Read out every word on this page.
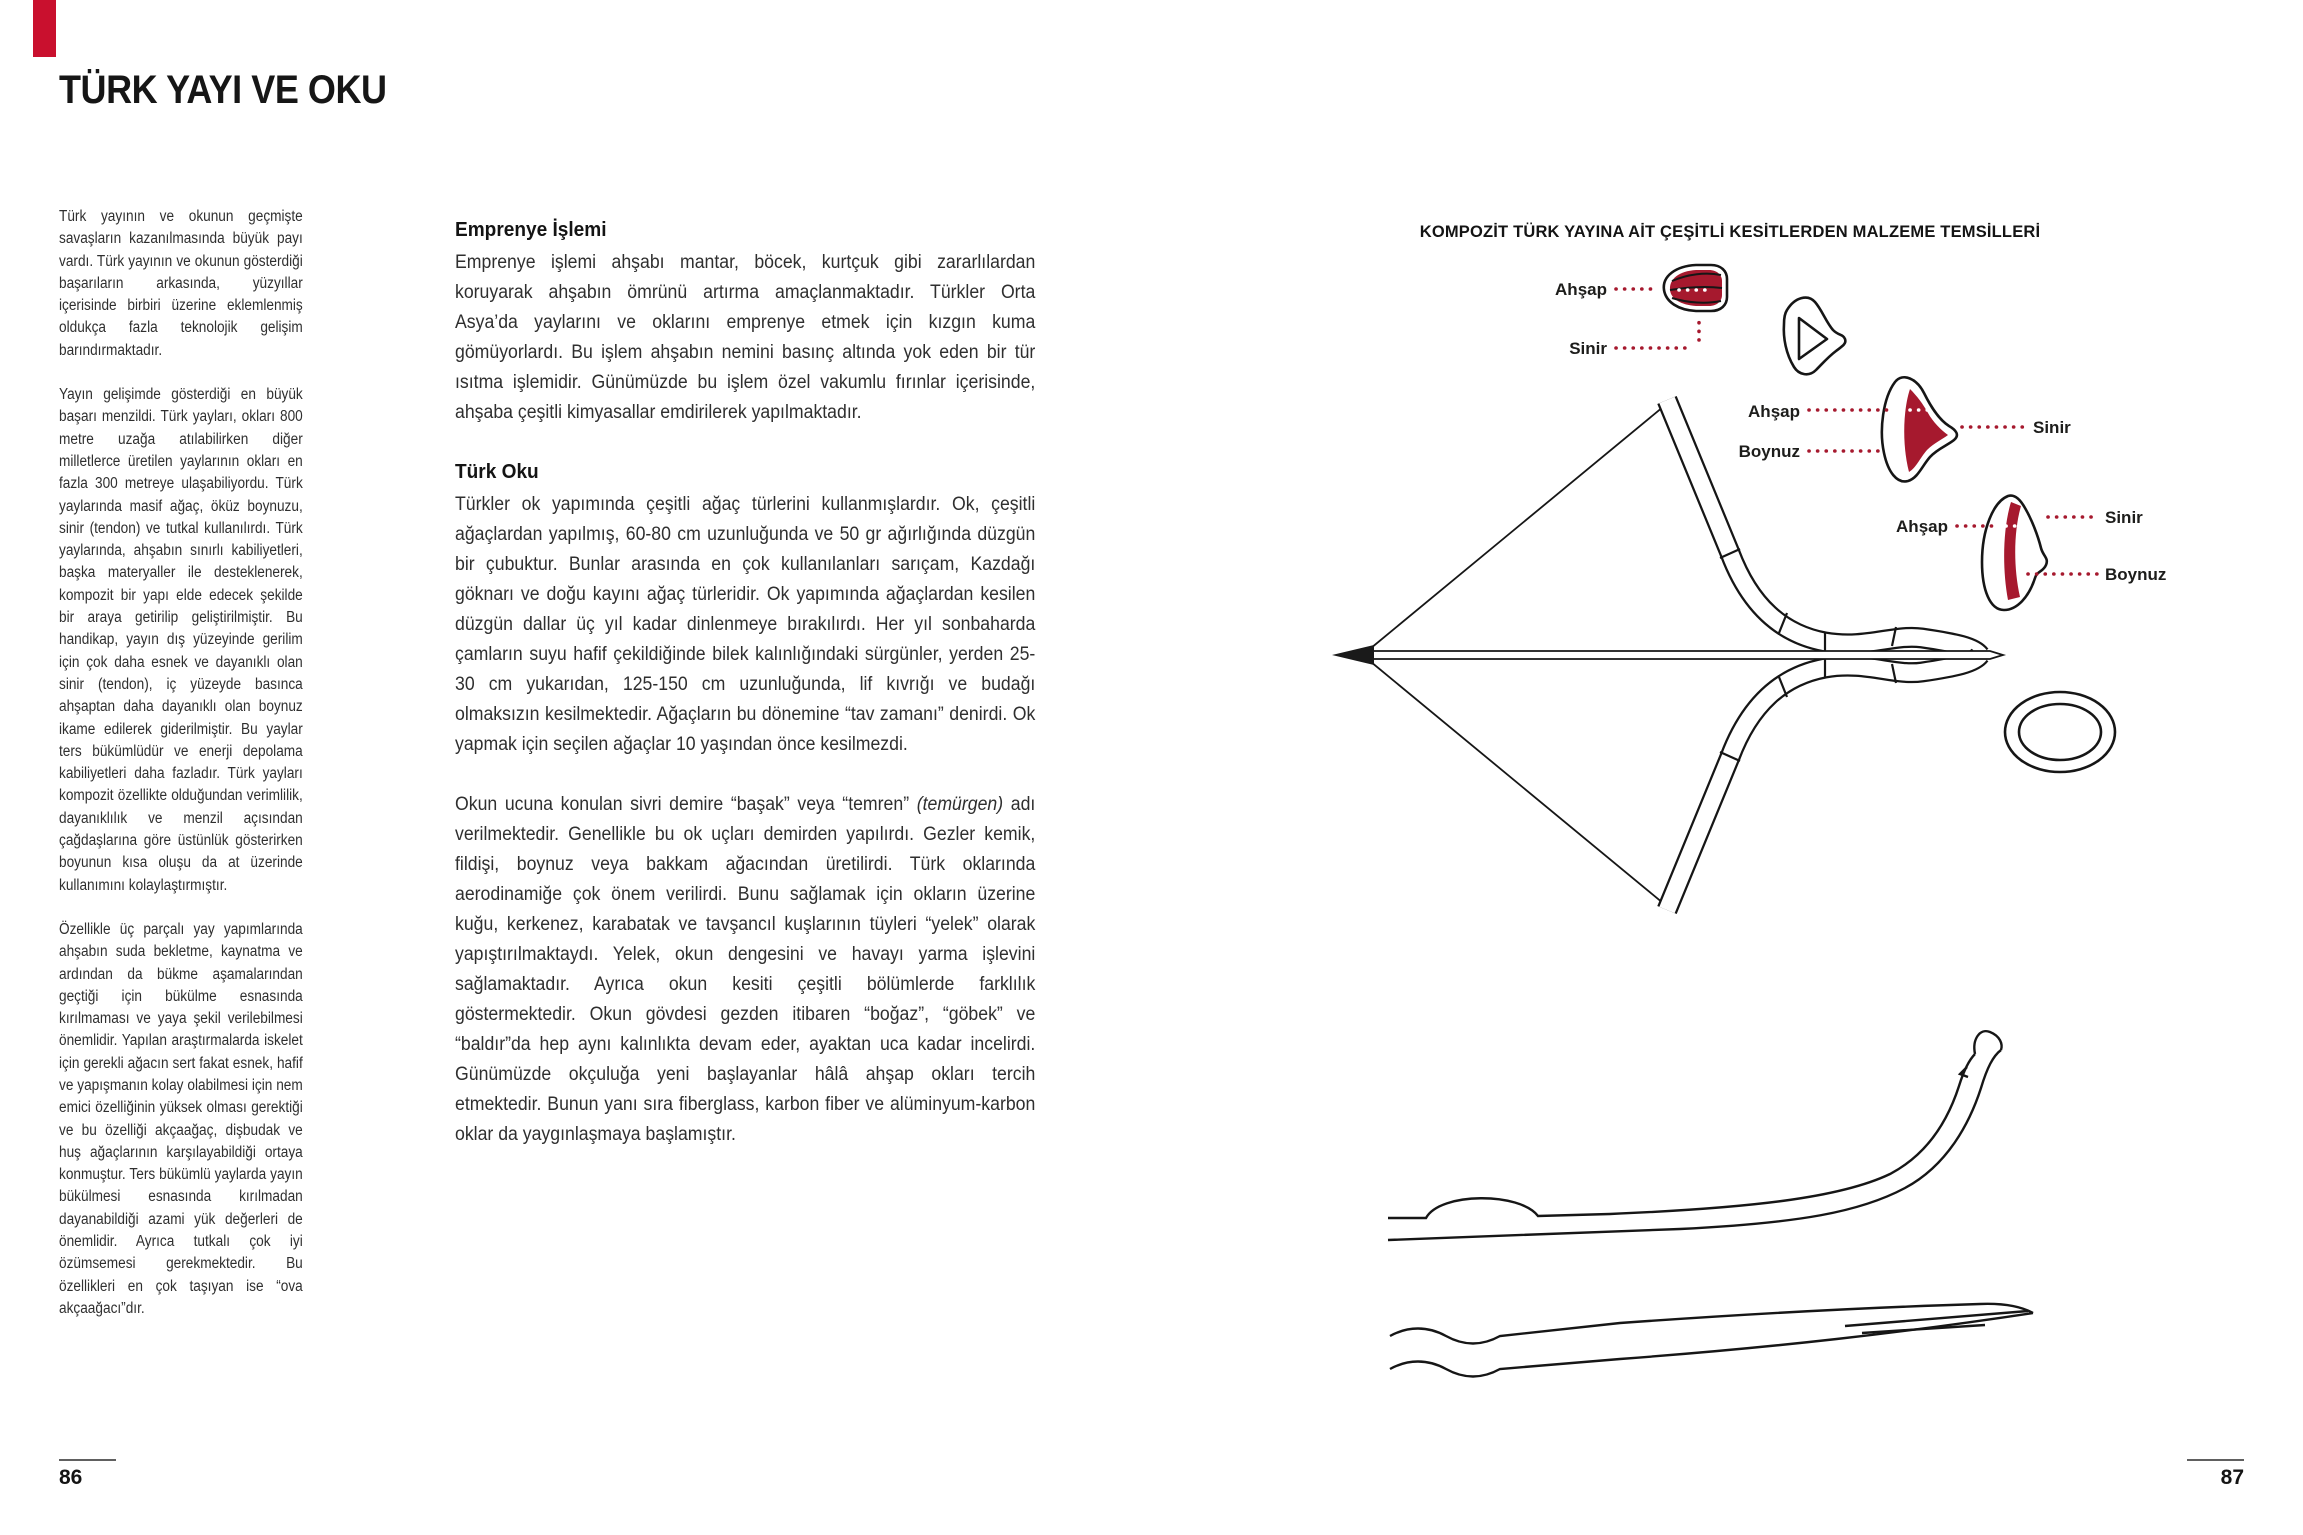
TÜRK YAYI VE OKU

Türk yayının ve okunun geçmişte savaşların kazanılmasında büyük payı vardı. Türk yayının ve okunun gösterdiği başarıların arkasında, yüzyıllar içerisinde birbiri üzerine eklemlenmiş oldukça fazla teknolojik gelişim barındırmaktadır.

Yayın gelişimde gösterdiği en büyük başarı menzildi. Türk yayları, okları 800 metre uzağa atılabilirken diğer milletlerce üretilen yaylarının okları en fazla 300 metreye ulaşabiliyordu. Türk yaylarında masif ağaç, öküz boynuzu, sinir (tendon) ve tutkal kullanılırdı. Türk yaylarında, ahşabın sınırlı kabiliyetleri, başka materyaller ile desteklenerek, kompozit bir yapı elde edecek şekilde bir araya getirilip geliştirilmiştir. Bu handikap, yayın dış yüzeyinde gerilim için çok daha esnek ve dayanıklı olan sinir (tendon), iç yüzeyde basınca ahşaptan daha dayanıklı olan boynuz ikame edilerek giderilmiştir. Bu yaylar ters bükümlüdür ve enerji depolama kabiliyetleri daha fazladır. Türk yayları kompozit özellikte olduğundan verimlilik, dayanıklılık ve menzil açısından çağdaşlarına göre üstünlük gösterirken boyunun kısa oluşu da at üzerinde kullanımını kolaylaştırmıştır.

Özellikle üç parçalı yay yapımlarında ahşabın suda bekletme, kaynatma ve ardından da bükme aşamalarından geçtiği için bükülme esnasında kırılmaması ve yaya şekil verilebilmesi önemlidir. Yapılan araştırmalarda iskelet için gerekli ağacın sert fakat esnek, hafif ve yapışmanın kolay olabilmesi için nem emici özelliğinin yüksek olması gerektiği ve bu özelliği akçaağaç, dişbudak ve huş ağaçlarının karşılayabildiği ortaya konmuştur. Ters bükümlü yaylarda yayın bükülmesi esnasında kırılmadan dayanabildiği azami yük değerleri de önemlidir. Ayrıca tutkalı çok iyi özümsemesi gerekmektedir. Bu özellikleri en çok taşıyan ise “ova akçaağacı”dır.

Emprenye İşlemi

Emprenye işlemi ahşabı mantar, böcek, kurtçuk gibi zararlılardan koruyarak ahşabın ömrünü artırma amaçlanmaktadır. Türkler Orta Asya’da yaylarını ve oklarını emprenye etmek için kızgın kuma gömüyorlardı. Bu işlem ahşabın nemini basınç altında yok eden bir tür ısıtma işlemidir. Günümüzde bu işlem özel vakumlu fırınlar içerisinde, ahşaba çeşitli kimyasallar emdirilerek yapılmaktadır.

Türk Oku

Türkler ok yapımında çeşitli ağaç türlerini kullanmışlardır. Ok, çeşitli ağaçlardan yapılmış, 60-80 cm uzunluğunda ve 50 gr ağırlığında düzgün bir çubuktur. Bunlar arasında en çok kullanılanları sarıçam, Kazdağı göknarı ve doğu kayını ağaç türleridir. Ok yapımında ağaçlardan kesilen düzgün dallar üç yıl kadar dinlenmeye bırakılırdı. Her yıl sonbaharda çamların suyu hafif çekildiğinde bilek kalınlığındaki sürgünler, yerden 25-30 cm yukarıdan, 125-150 cm uzunluğunda, lif kıvrığı ve budağı olmaksızın kesilmektedir. Ağaçların bu dönemine “tav zamanı” denirdi. Ok yapmak için seçilen ağaçlar 10 yaşından önce kesilmezdi.

Okun ucuna konulan sivri demire “başak” veya “temren” (temürgen) adı verilmektedir. Genellikle bu ok uçları demirden yapılırdı. Gezler kemik, fildişi, boynuz veya bakkam ağacından üretilirdi. Türk oklarında aerodinamiğe çok önem verilirdi. Bunu sağlamak için okların üzerine kuğu, kerkenez, karabatak ve tavşancıl kuşlarının tüyleri “yelek” olarak yapıştırılmaktaydı. Yelek, okun dengesini ve havayı yarma işlevini sağlamaktadır. Ayrıca okun kesiti çeşitli bölümlerde farklılık göstermektedir. Okun gövdesi gezden itibaren “boğaz”, “göbek” ve “baldır”da hep aynı kalınlıkta devam eder, ayaktan uca kadar incelirdi. Günümüzde okçuluğa yeni başlayanlar hâlâ ahşap okları tercih etmektedir. Bunun yanı sıra fiberglass, karbon fiber ve alüminyum-karbon oklar da yaygınlaşmaya başlamıştır.

86
KOMPOZİT TÜRK YAYINA AİT ÇEŞİTLİ KESİTLERDEN MALZEME TEMSİLLERİ
Ahşap
Sinir
Ahşap
Boynuz
Sinir
Ahşap	Sinir
Boynuz
87
